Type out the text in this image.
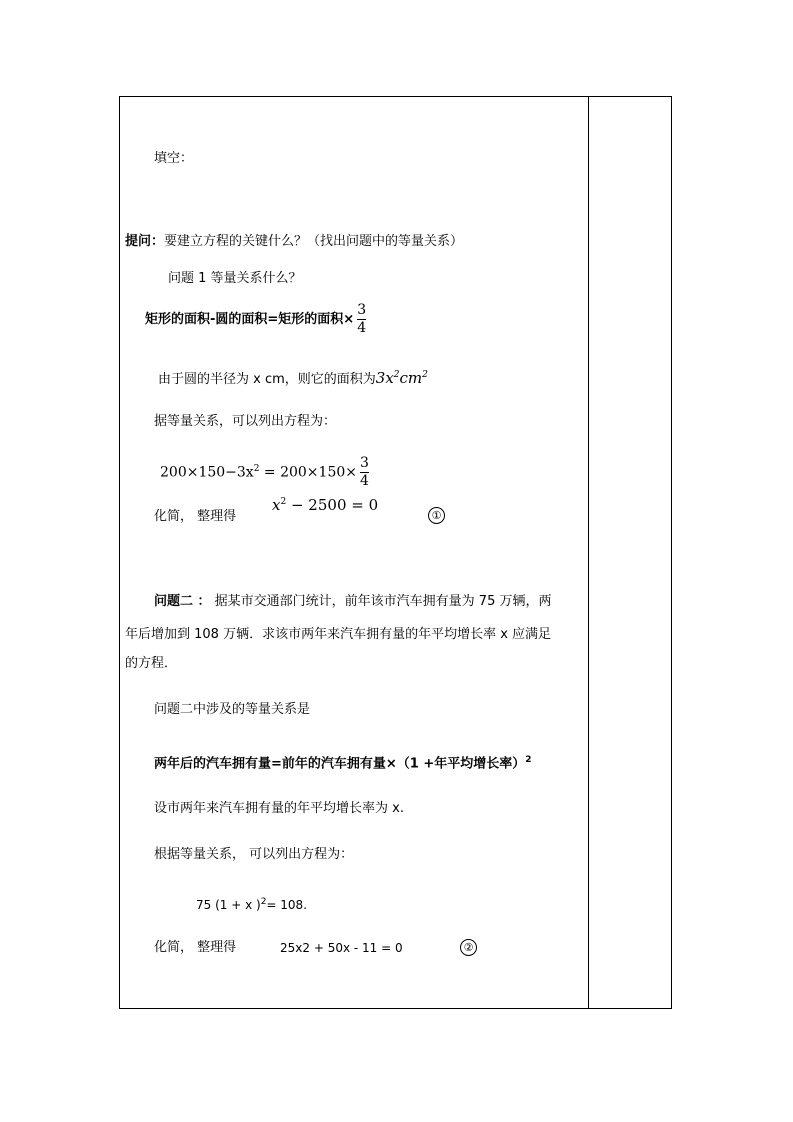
填空：
提问：要建立方程的关键什么？（找出问题中的等量关系）
问题 1 等量关系什么？
矩形的面积-圆的面积=矩形的面积× $\frac{3}{4}$
由于圆的半径为 x cm，则它的面积为$3x^2cm^2$
据等量关系，可以列出方程为：
$200\times 150-3x^2 = 200\times 150\times \frac{3}{4}$
化简， 整理得
$x^2 - 2500 = 0$
①
问题二 ： 据某市交通部门统计，前年该市汽车拥有量为 75 万辆，两
年后增加到 108 万辆．求该市两年来汽车拥有量的年平均增长率 x 应满足
的方程．
问题二中涉及的等量关系是
两年后的汽车拥有量=前年的汽车拥有量×（1 +年平均增长率）$^2$
设市两年来汽车拥有量的年平均增长率为 x.
根据等量关系， 可以列出方程为：
75 (1 + x )$^2$= 108.
化简， 整理得	25x2 + 50x - 11 = 0	②
